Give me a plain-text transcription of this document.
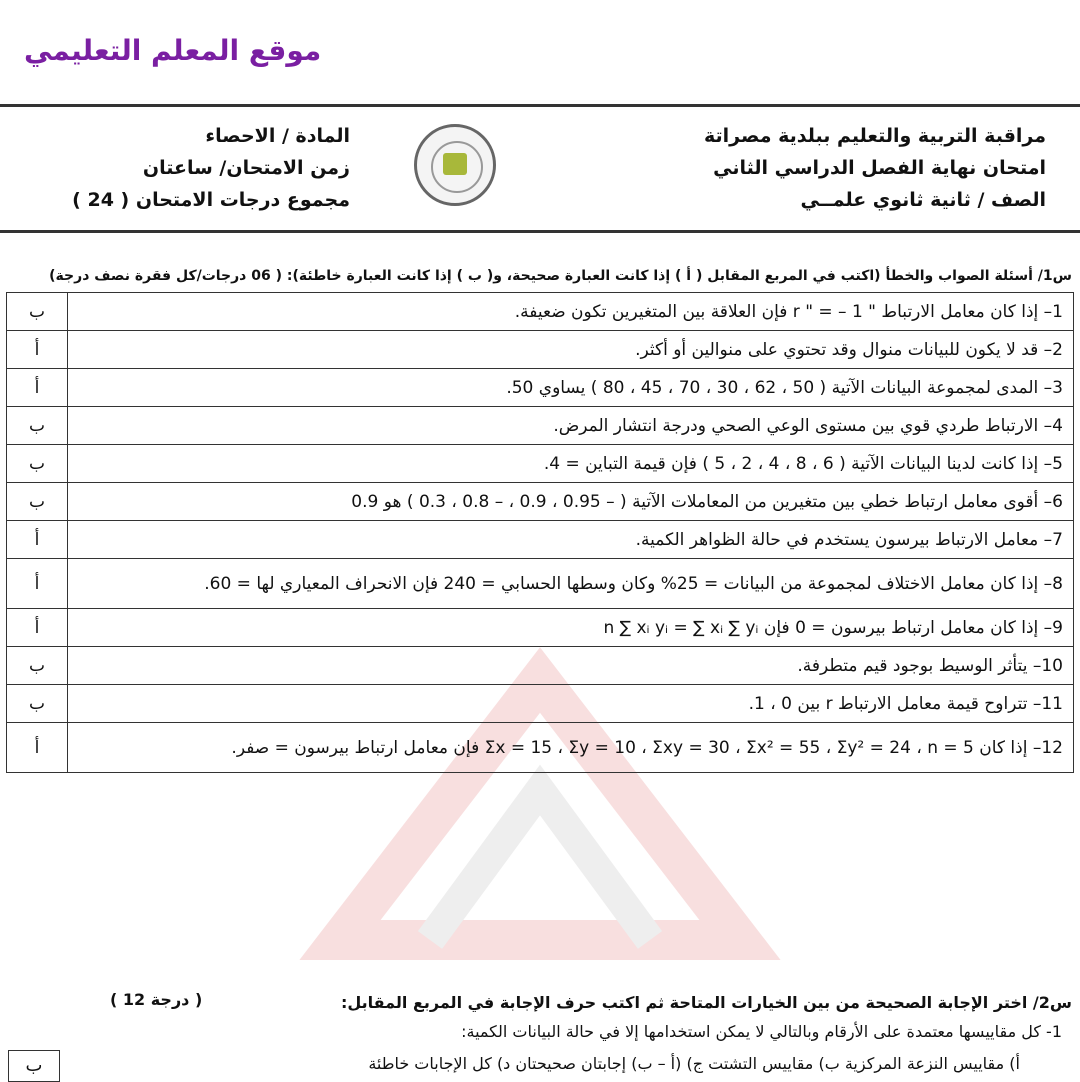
موقع المعلم التعليمي
مراقبة التربية والتعليم ببلدية مصراتة
امتحان نهاية الفصل الدراسي الثاني
الصف / ثانية ثانوي علمــي
المادة / الاحصاء
زمن الامتحان/ ساعتان
مجموع درجات الامتحان ( 24 )
س1/ أسئلة الصواب والخطأ (اكتب في المربع المقابل ( أ ) إذا كانت العبارة صحيحة، و( ب ) إذا كانت العبارة خاطئة): ( 06 درجات/كل فقرة نصف درجة)
ب	1– إذا كان معامل الارتباط " r " = – 1 فإن العلاقة بين المتغيرين تكون ضعيفة.
أ	2– قد لا يكون للبيانات منوال وقد تحتوي على منوالين أو أكثر.
أ	3– المدى لمجموعة البيانات الآتية ( 50 ، 62 ، 30 ، 70 ، 45 ، 80 ) يساوي 50.
ب	4– الارتباط طردي قوي بين مستوى الوعي الصحي ودرجة انتشار المرض.
ب	5– إذا كانت لدينا البيانات الآتية ( 6 ، 8 ، 4 ، 2 ، 5 ) فإن قيمة التباين = 4.
ب	6– أقوى معامل ارتباط خطي بين متغيرين من المعاملات الآتية ( – 0.95 ، 0.9 ، – 0.8 ، 0.3 ) هو 0.9
أ	7– معامل الارتباط بيرسون يستخدم في حالة الظواهر الكمية.
أ	8– إذا كان معامل الاختلاف لمجموعة من البيانات = 25% وكان وسطها الحسابي = 240 فإن الانحراف المعياري لها = 60.
أ	9– إذا كان معامل ارتباط بيرسون = 0 فإن n ∑ xᵢ yᵢ = ∑ xᵢ ∑ yᵢ
ب	10– يتأثر الوسيط بوجود قيم متطرفة.
ب	11– تتراوح قيمة معامل الارتباط r بين 0 ، 1.
أ	12– إذا كان Σx = 15 ، Σy = 10 ، Σxy = 30 ، Σx² = 55 ، Σy² = 24 ، n = 5 فإن معامل ارتباط بيرسون = صفر.
س2/ اختر الإجابة الصحيحة من بين الخيارات المتاحة ثم اكتب حرف الإجابة في المربع المقابل:
( 12 درجة )
1- كل مقاييسها معتمدة على الأرقام وبالتالي لا يمكن استخدامها إلا في حالة البيانات الكمية:
أ) مقاييس النزعة المركزية ب) مقاييس التشتت ج) (أ – ب) إجابتان صحيحتان د) كل الإجابات خاطئة
ب
